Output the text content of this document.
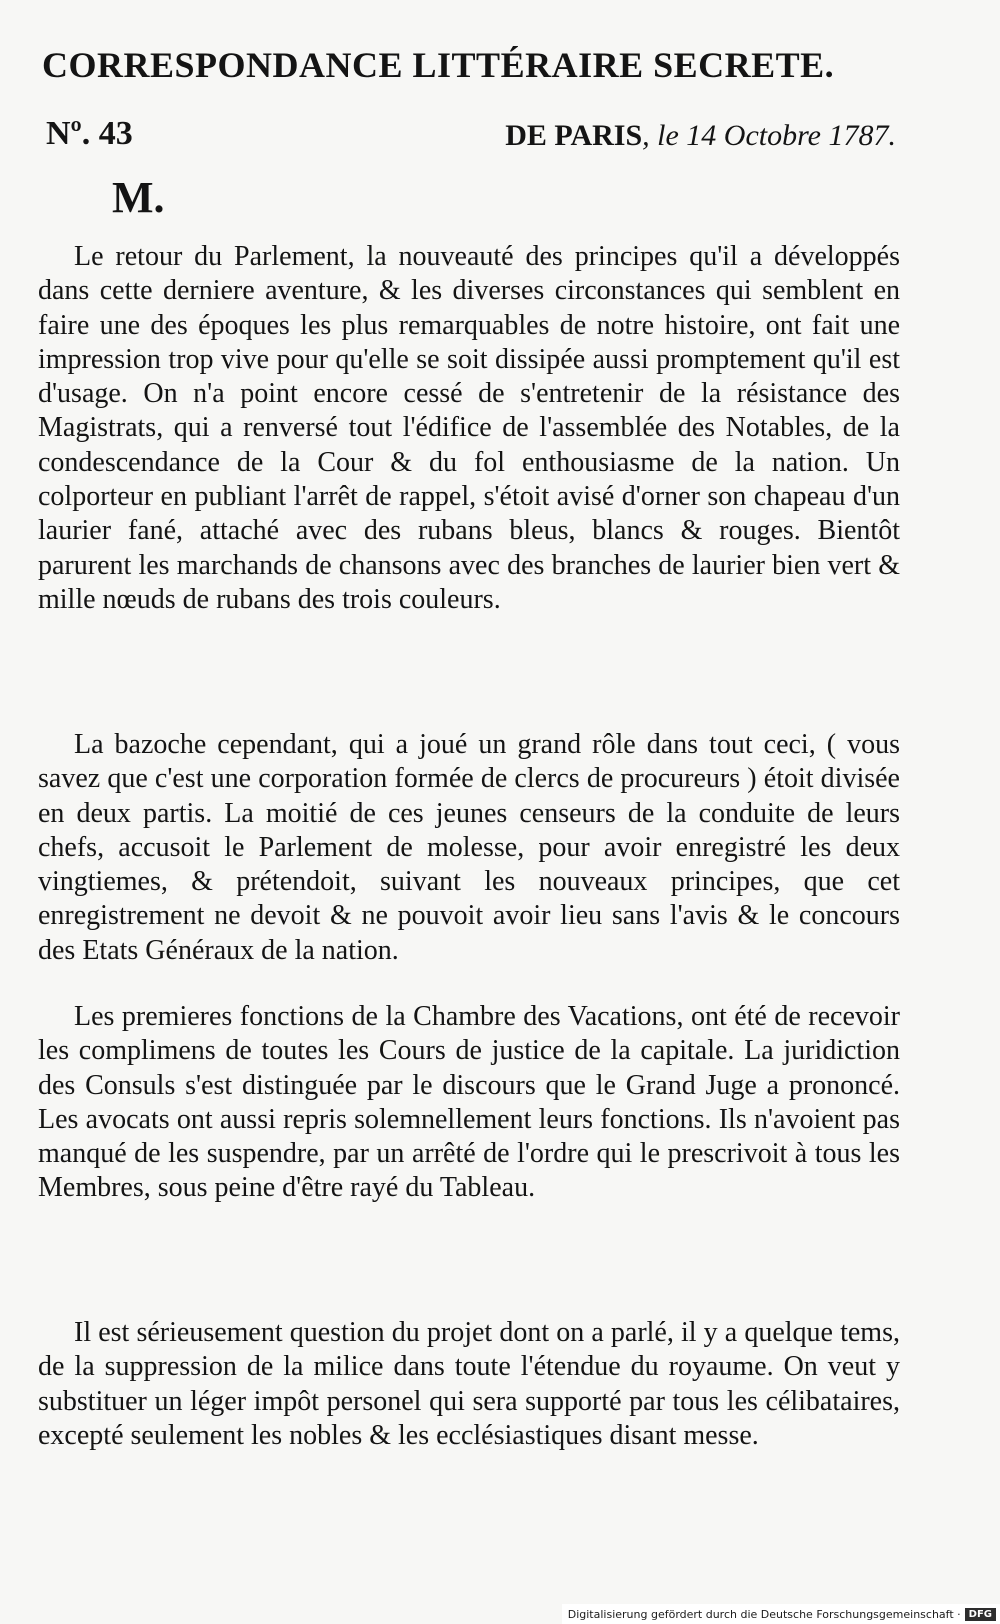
CORRESPONDANCE LITTÉRAIRE SECRETE.
Nº. 43	DE PARIS, le 14 Octobre 1787.
M.

Le retour du Parlement, la nouveauté des principes qu'il a développés dans cette derniere aventure, & les diverses circonstances qui semblent en faire une des époques les plus remarquables de notre histoire, ont fait une impression trop vive pour qu'elle se soit dissipée aussi promptement qu'il est d'usage. On n'a point encore cessé de s'entretenir de la résistance des Magistrats, qui a renversé tout l'édifice de l'assemblée des Notables, de la condescendance de la Cour & du fol enthousiasme de la nation. Un colporteur en publiant l'arrêt de rappel, s'étoit avisé d'orner son chapeau d'un laurier fané, attaché avec des rubans bleus, blancs & rouges. Bientôt parurent les marchands de chansons avec des branches de laurier bien vert & mille nœuds de rubans des trois couleurs.

La bazoche cependant, qui a joué un grand rôle dans tout ceci, ( vous savez que c'est une corporation formée de clercs de procureurs ) étoit divisée en deux partis. La moitié de ces jeunes censeurs de la conduite de leurs chefs, accusoit le Parlement de molesse, pour avoir enregistré les deux vingtiemes, & prétendoit, suivant les nouveaux principes, que cet enregistrement ne devoit & ne pouvoit avoir lieu sans l'avis & le concours des Etats Généraux de la nation.

Les premieres fonctions de la Chambre des Vacations, ont été de recevoir les complimens de toutes les Cours de justice de la capitale. La juridiction des Consuls s'est distinguée par le discours que le Grand Juge a prononcé. Les avocats ont aussi repris solemnellement leurs fonctions. Ils n'avoient pas manqué de les suspendre, par un arrêté de l'ordre qui le prescrivoit à tous les Membres, sous peine d'être rayé du Tableau.

Il est sérieusement question du projet dont on a parlé, il y a quelque tems, de la suppression de la milice dans toute l'étendue du royaume. On veut y substituer un léger impôt personel qui sera supporté par tous les célibataires, excepté seulement les nobles & les ecclésiastiques disant messe.

Digitalisierung gefördert durch die Deutsche Forschungsgemeinschaft · DFG
